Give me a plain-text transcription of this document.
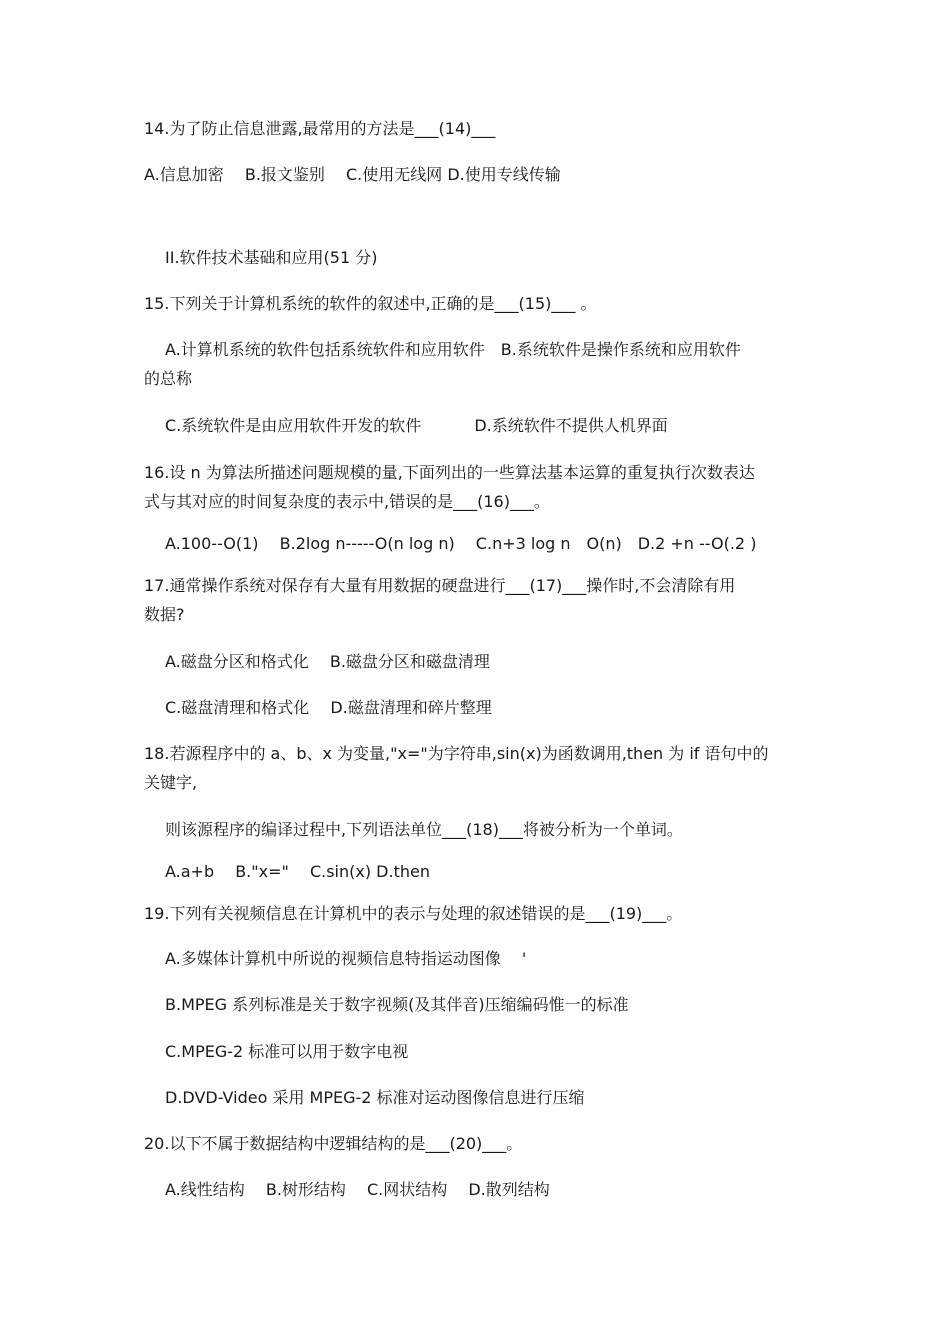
14.为了防止信息泄露,最常用的方法是___(14)___
A.信息加密　 B.报文鉴别　 C.使用无线网 D.使用专线传输
II.软件技术基础和应用(51 分)
15.下列关于计算机系统的软件的叙述中,正确的是___(15)___ 。
A.计算机系统的软件包括系统软件和应用软件　B.系统软件是操作系统和应用软件
的总称
C.系统软件是由应用软件开发的软件　　　 D.系统软件不提供人机界面
16.设 n 为算法所描述问题规模的量,下面列出的一些算法基本运算的重复执行次数表达
式与其对应的时间复杂度的表示中,错误的是___(16)___。
A.100--O(1)　 B.2log n-----O(n log n)　 C.n+3 log n　O(n)　D.2 +n --O(.2 )
17.通常操作系统对保存有大量有用数据的硬盘进行___(17)___操作时,不会清除有用
数据?
A.磁盘分区和格式化　 B.磁盘分区和磁盘清理
C.磁盘清理和格式化　 D.磁盘清理和碎片整理
18.若源程序中的 a、b、x 为变量,"x="为字符串,sin(x)为函数调用,then 为 if 语句中的
关键字,
则该源程序的编译过程中,下列语法单位___(18)___将被分析为一个单词。
A.a+b　 B."x="　 C.sin(x) D.then
19.下列有关视频信息在计算机中的表示与处理的叙述错误的是___(19)___。
A.多媒体计算机中所说的视频信息特指运动图像　 '
B.MPEG 系列标准是关于数字视频(及其伴音)压缩编码惟一的标准
C.MPEG-2 标准可以用于数字电视
D.DVD-Video 采用 MPEG-2 标准对运动图像信息进行压缩
20.以下不属于数据结构中逻辑结构的是___(20)___。
A.线性结构　 B.树形结构　 C.网状结构　 D.散列结构
